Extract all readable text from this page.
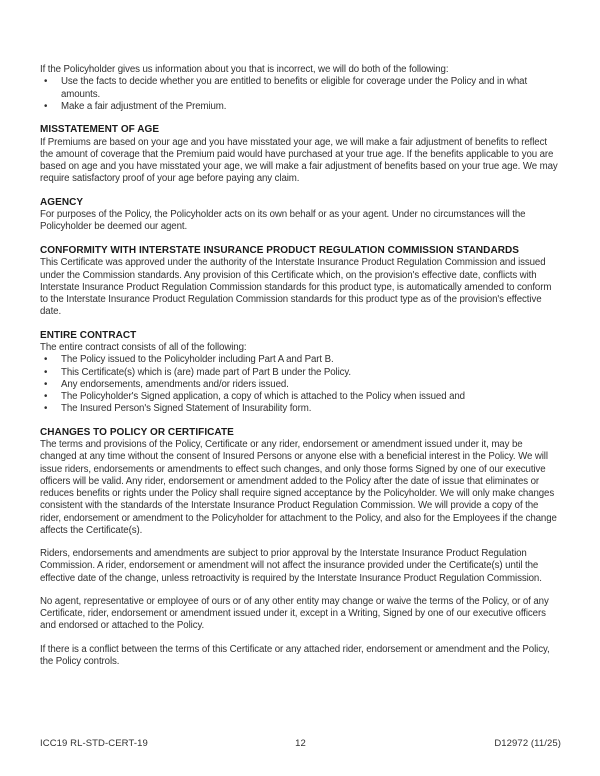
If the Policyholder gives us information about you that is incorrect, we will do both of the following:

• Use the facts to decide whether you are entitled to benefits or eligible for coverage under the Policy and in what amounts.
• Make a fair adjustment of the Premium.
MISSTATEMENT OF AGE

If Premiums are based on your age and you have misstated your age, we will make a fair adjustment of benefits to reflect the amount of coverage that the Premium paid would have purchased at your true age. If the benefits applicable to you are based on age and you have misstated your age, we will make a fair adjustment of benefits based on your true age. We may require satisfactory proof of your age before paying any claim.

AGENCY

For purposes of the Policy, the Policyholder acts on its own behalf or as your agent. Under no circumstances will the Policyholder be deemed our agent.

CONFORMITY WITH INTERSTATE INSURANCE PRODUCT REGULATION COMMISSION STANDARDS

This Certificate was approved under the authority of the Interstate Insurance Product Regulation Commission and issued under the Commission standards. Any provision of this Certificate which, on the provision's effective date, conflicts with Interstate Insurance Product Regulation Commission standards for this product type, is automatically amended to conform to the Interstate Insurance Product Regulation Commission standards for this product type as of the provision's effective date.

ENTIRE CONTRACT

The entire contract consists of all of the following:

• The Policy issued to the Policyholder including Part A and Part B.
• This Certificate(s) which is (are) made part of Part B under the Policy.
• Any endorsements, amendments and/or riders issued.
• The Policyholder's Signed application, a copy of which is attached to the Policy when issued and
• The Insured Person's Signed Statement of Insurability form.
CHANGES TO POLICY OR CERTIFICATE

The terms and provisions of the Policy, Certificate or any rider, endorsement or amendment issued under it, may be changed at any time without the consent of Insured Persons or anyone else with a beneficial interest in the Policy. We will issue riders, endorsements or amendments to effect such changes, and only those forms Signed by one of our executive officers will be valid. Any rider, endorsement or amendment added to the Policy after the date of issue that eliminates or reduces benefits or rights under the Policy shall require signed acceptance by the Policyholder. We will only make changes consistent with the standards of the Interstate Insurance Product Regulation Commission. We will provide a copy of the rider, endorsement or amendment to the Policyholder for attachment to the Policy, and also for the Employees if the change affects the Certificate(s).

Riders, endorsements and amendments are subject to prior approval by the Interstate Insurance Product Regulation Commission. A rider, endorsement or amendment will not affect the insurance provided under the Certificate(s) until the effective date of the change, unless retroactivity is required by the Interstate Insurance Product Regulation Commission.

No agent, representative or employee of ours or of any other entity may change or waive the terms of the Policy, or of any Certificate, rider, endorsement or amendment issued under it, except in a Writing, Signed by one of our executive officers and endorsed or attached to the Policy.

If there is a conflict between the terms of this Certificate or any attached rider, endorsement or amendment and the Policy, the Policy controls.

ICC19 RL-STD-CERT-19	12	D12972 (11/25)
